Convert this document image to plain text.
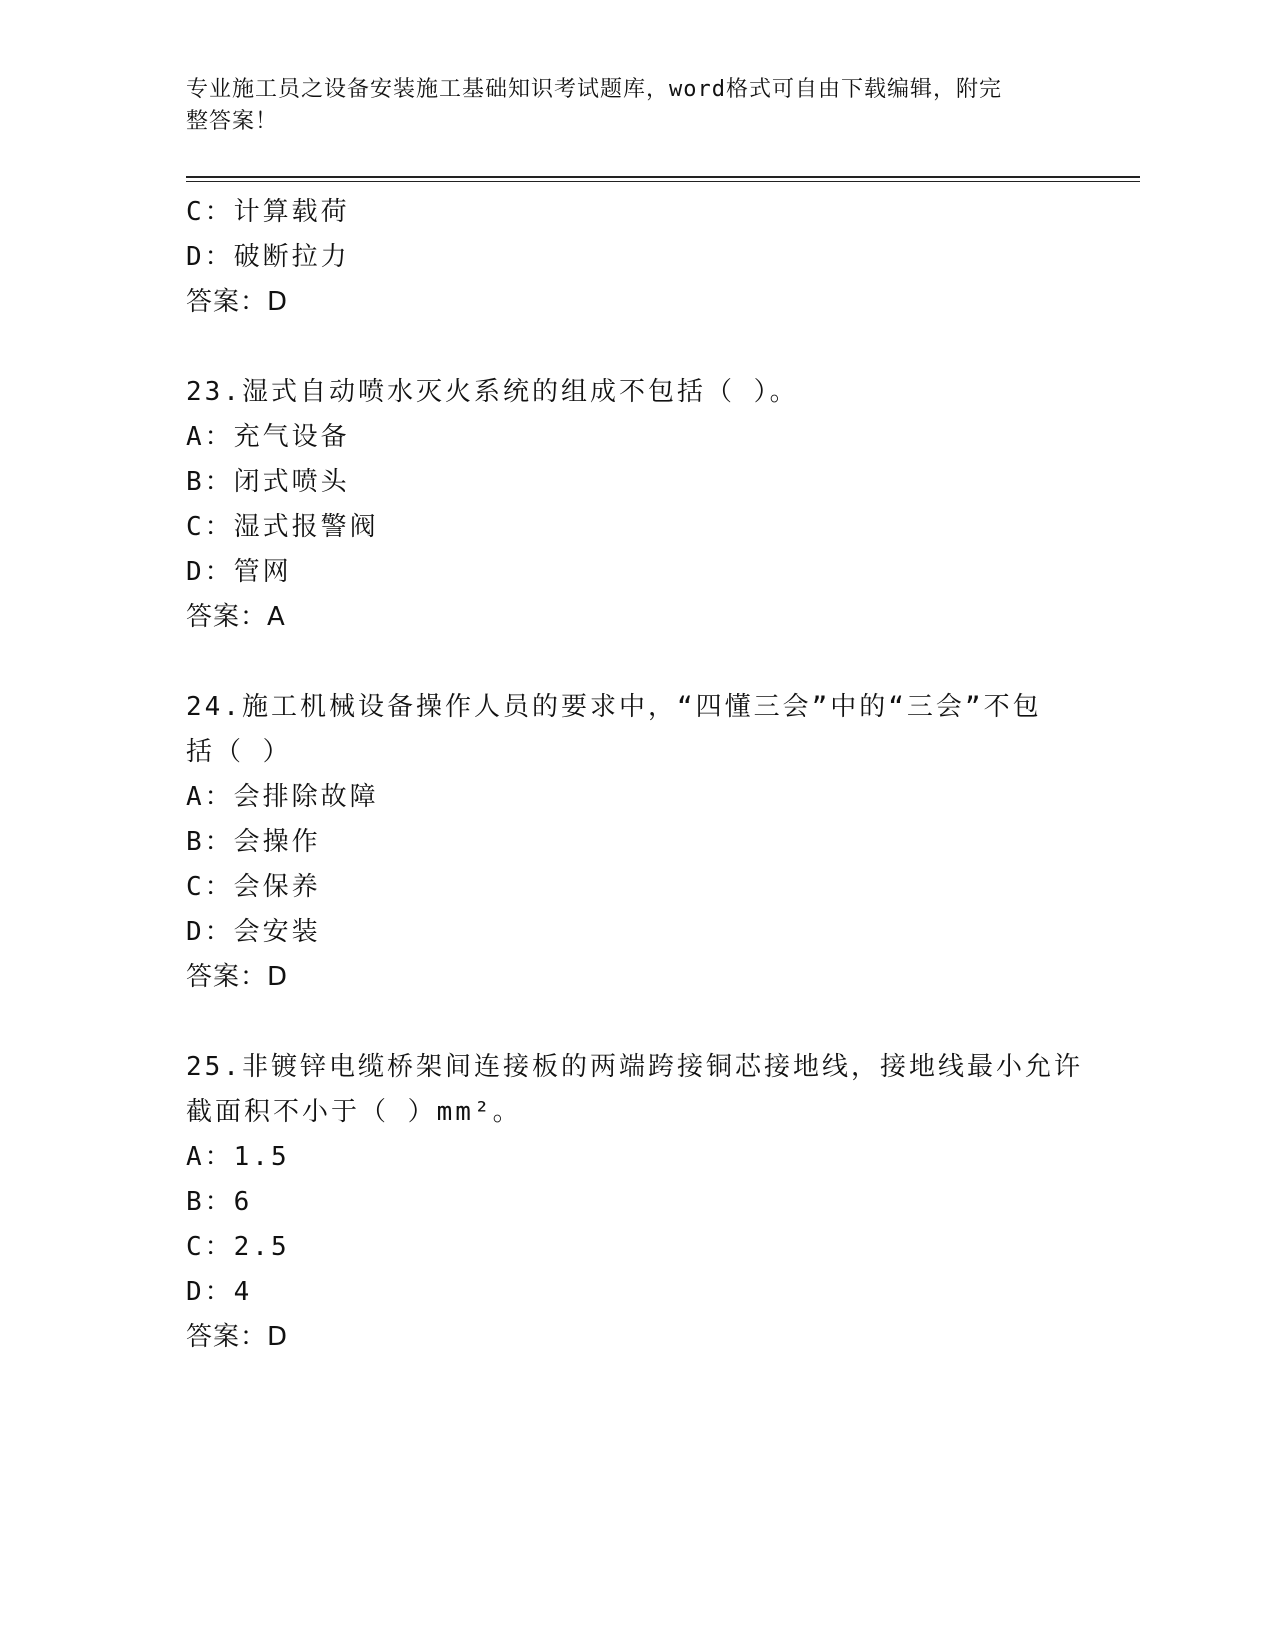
专业施工员之设备安装施工基础知识考试题库，word格式可自由下载编辑，附完
整答案！
C：计算载荷
D：破断拉力
答案：D
23.湿式自动喷水灭火系统的组成不包括（ ）。
A：充气设备
B：闭式喷头
C：湿式报警阀
D：管网
答案：A
24.施工机械设备操作人员的要求中，“四懂三会”中的“三会”不包
括（ ）
A：会排除故障
B：会操作
C：会保养
D：会安装
答案：D
25.非镀锌电缆桥架间连接板的两端跨接铜芯接地线，接地线最小允许
截面积不小于（ ）mm²。
A：1.5
B：6
C：2.5
D：4
答案：D
